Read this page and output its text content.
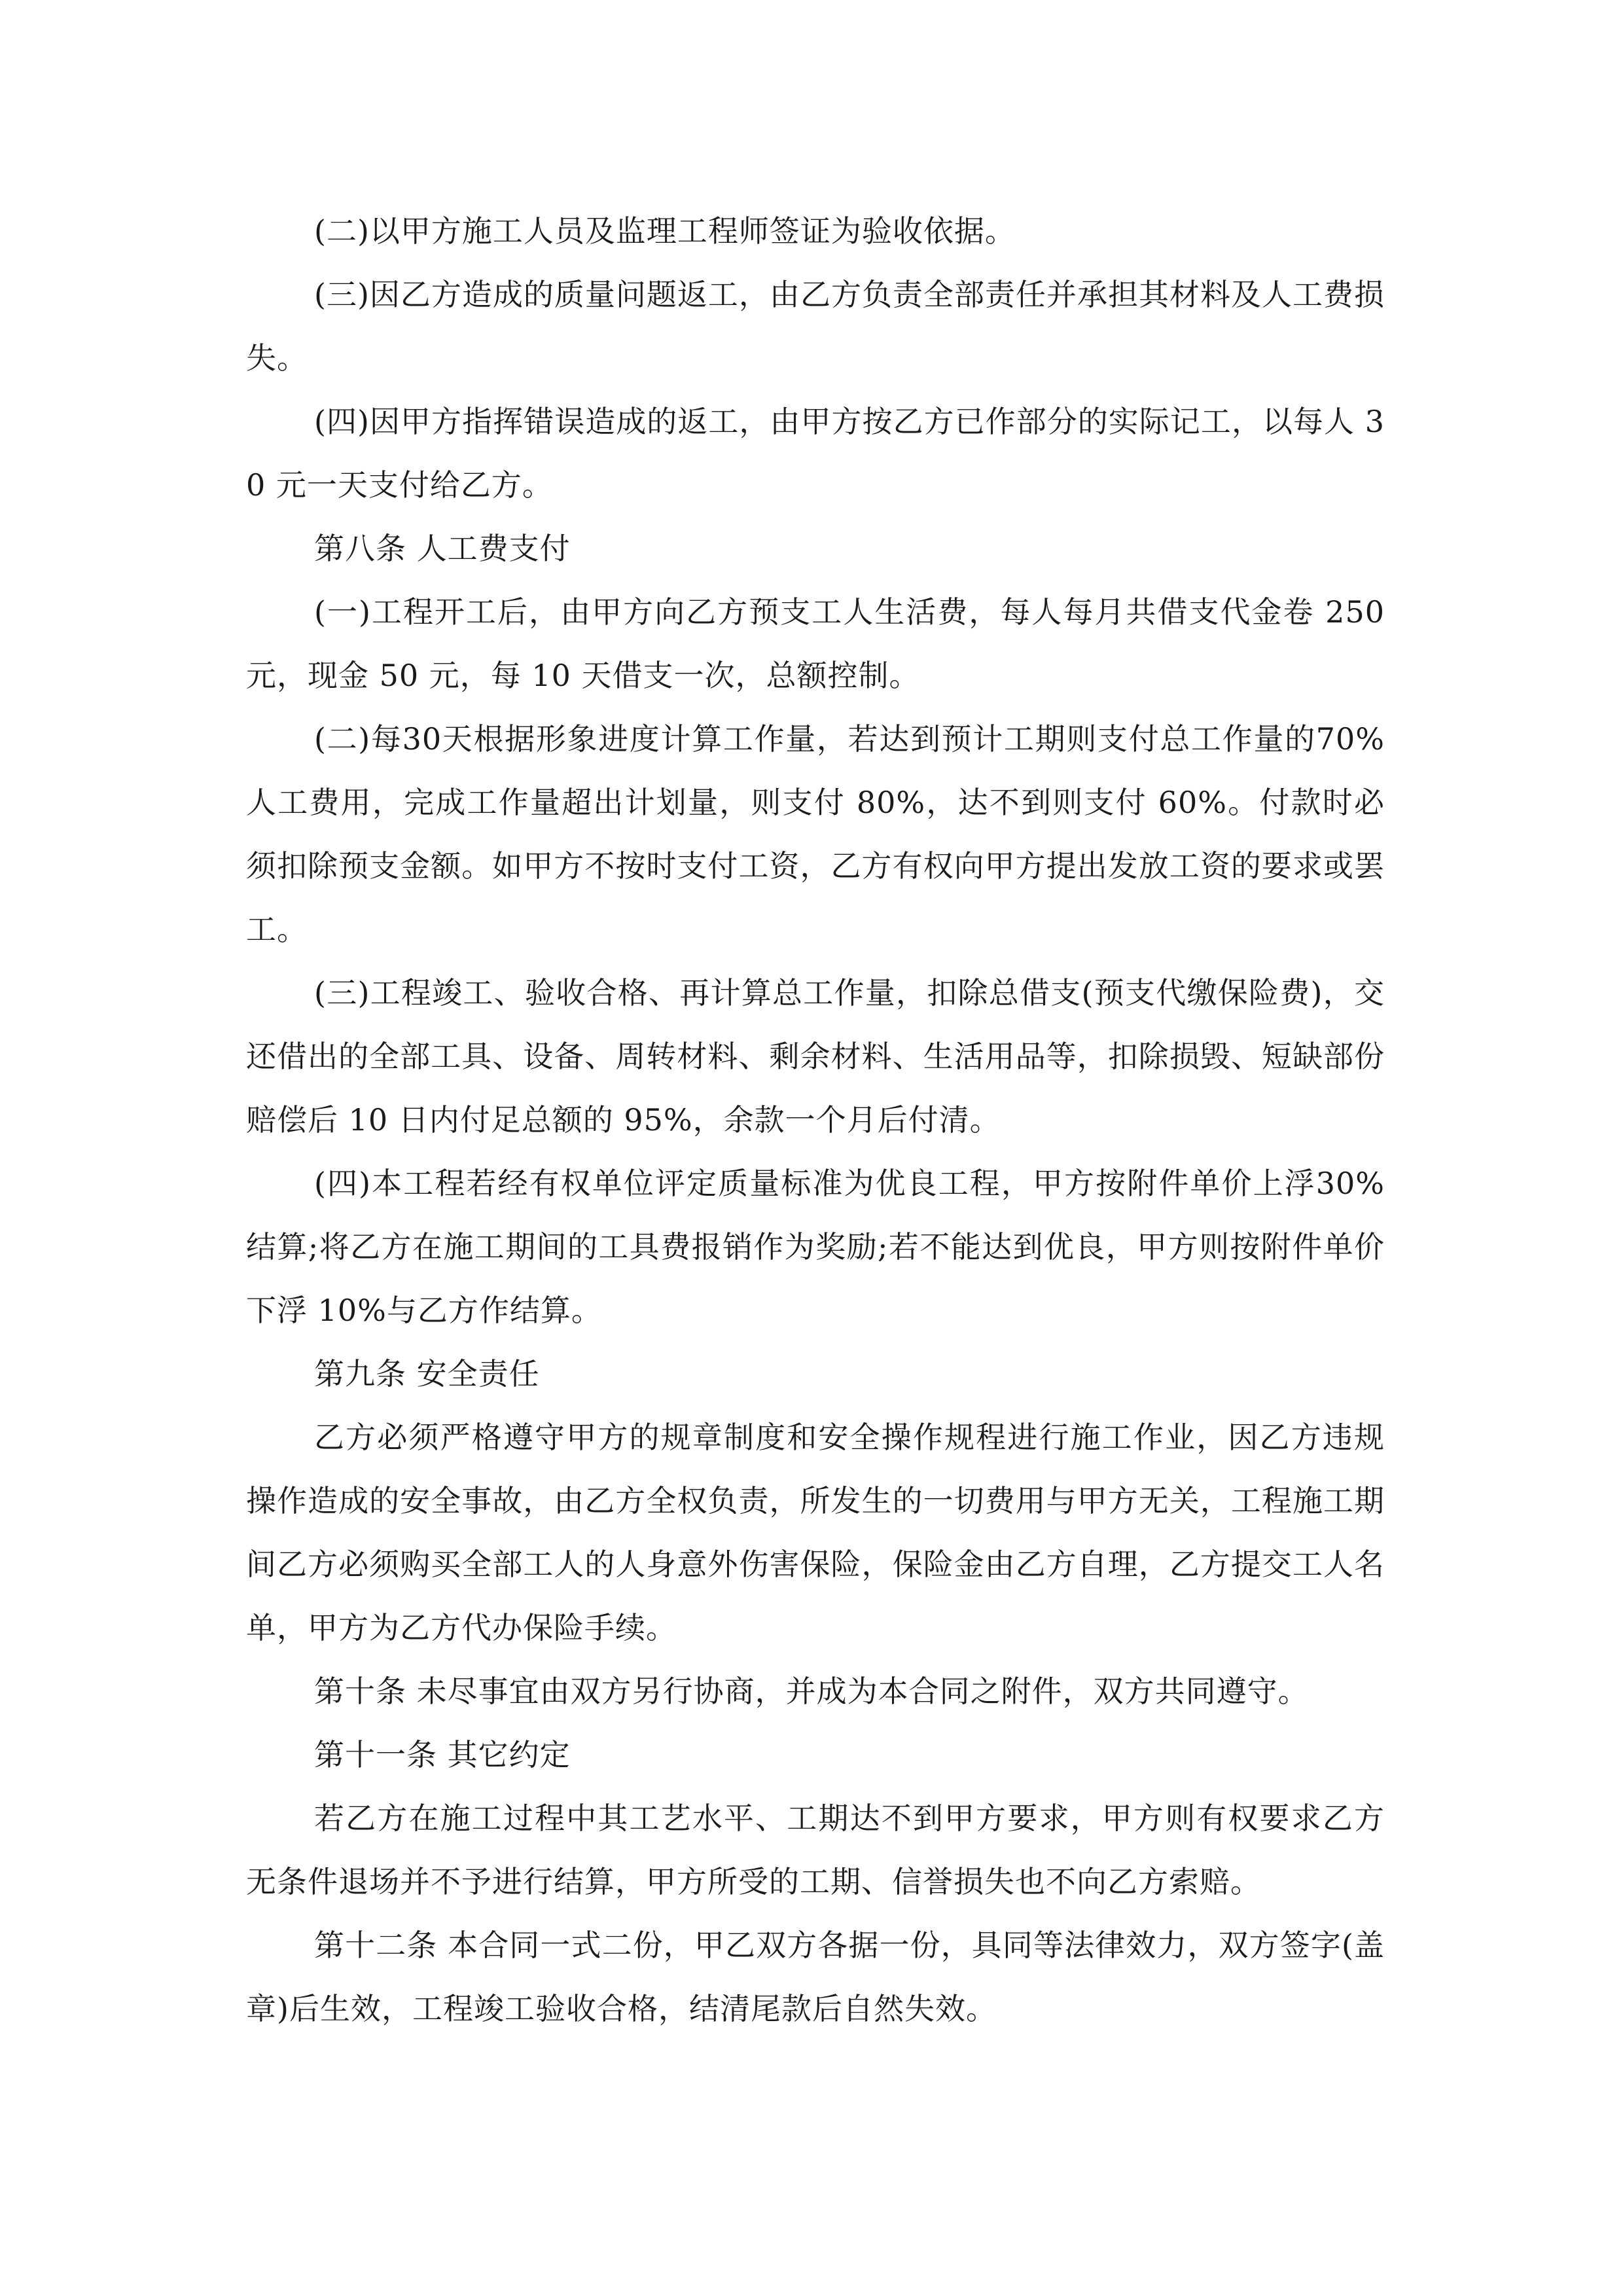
(二)以甲方施工人员及监理工程师签证为验收依据。

(三)因乙方造成的质量问题返工，由乙方负责全部责任并承担其材料及人工费损失。

(四)因甲方指挥错误造成的返工，由甲方按乙方已作部分的实际记工，以每人 30 元一天支付给乙方。

第八条 人工费支付

(一)工程开工后，由甲方向乙方预支工人生活费，每人每月共借支代金卷 250 元，现金 50 元，每 10 天借支一次，总额控制。

(二)每30天根据形象进度计算工作量，若达到预计工期则支付总工作量的70% 人工费用，完成工作量超出计划量，则支付 80%，达不到则支付 60%。付款时必须扣除预支金额。如甲方不按时支付工资，乙方有权向甲方提出发放工资的要求或罢工。

(三)工程竣工、验收合格、再计算总工作量，扣除总借支(预支代缴保险费)，交还借出的全部工具、设备、周转材料、剩余材料、生活用品等，扣除损毁、短缺部份赔偿后 10 日内付足总额的 95%，余款一个月后付清。

(四)本工程若经有权单位评定质量标准为优良工程，甲方按附件单价上浮30% 结算;将乙方在施工期间的工具费报销作为奖励;若不能达到优良，甲方则按附件单价下浮 10%与乙方作结算。

第九条 安全责任

乙方必须严格遵守甲方的规章制度和安全操作规程进行施工作业，因乙方违规操作造成的安全事故，由乙方全权负责，所发生的一切费用与甲方无关，工程施工期间乙方必须购买全部工人的人身意外伤害保险，保险金由乙方自理，乙方提交工人名单，甲方为乙方代办保险手续。

第十条 未尽事宜由双方另行协商，并成为本合同之附件，双方共同遵守。

第十一条 其它约定

若乙方在施工过程中其工艺水平、工期达不到甲方要求，甲方则有权要求乙方无条件退场并不予进行结算，甲方所受的工期、信誉损失也不向乙方索赔。

第十二条 本合同一式二份，甲乙双方各据一份，具同等法律效力，双方签字(盖章)后生效，工程竣工验收合格，结清尾款后自然失效。
